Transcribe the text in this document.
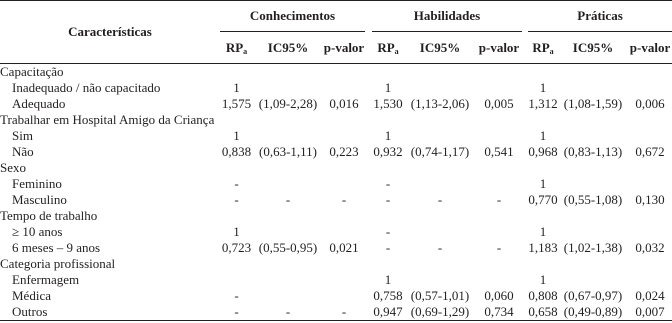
Características	Conhecimentos				Habilidades				Práticas		
	$RP_a$	IC95%	p-valor		$RP_a$	IC95%	p-valor		$RP_a$	IC95%	p-valor
Capacitação											
Inadequado / não capacitado	1				1				1		
Adequado	1,575	(1,09-2,28)	0,016		1,530	(1,13-2,06)	0,005		1,312	(1,08-1,59)	0,006
Trabalhar em Hospital Amigo da Criança											
Sim	1				1				1		
Não	0,838	(0,63-1,11)	0,223		0,932	(0,74-1,17)	0,541		0,968	(0,83-1,13)	0,672
Sexo											
Feminino	-				-				1		
Masculino	-	-	-		-	-	-		0,770	(0,55-1,08)	0,130
Tempo de trabalho											
≥ 10 anos	1				-				1		
6 meses – 9 anos	0,723	(0,55-0,95)	0,021		-	-	-		1,183	(1,02-1,38)	0,032
Categoria profissional											
Enfermagem					1				1		
Médica	-				0,758	(0,57-1,01)	0,060		0,808	(0,67-0,97)	0,024
Outros	-	-	-		0,947	(0,69-1,29)	0,734		0,658	(0,49-0,89)	0,007
